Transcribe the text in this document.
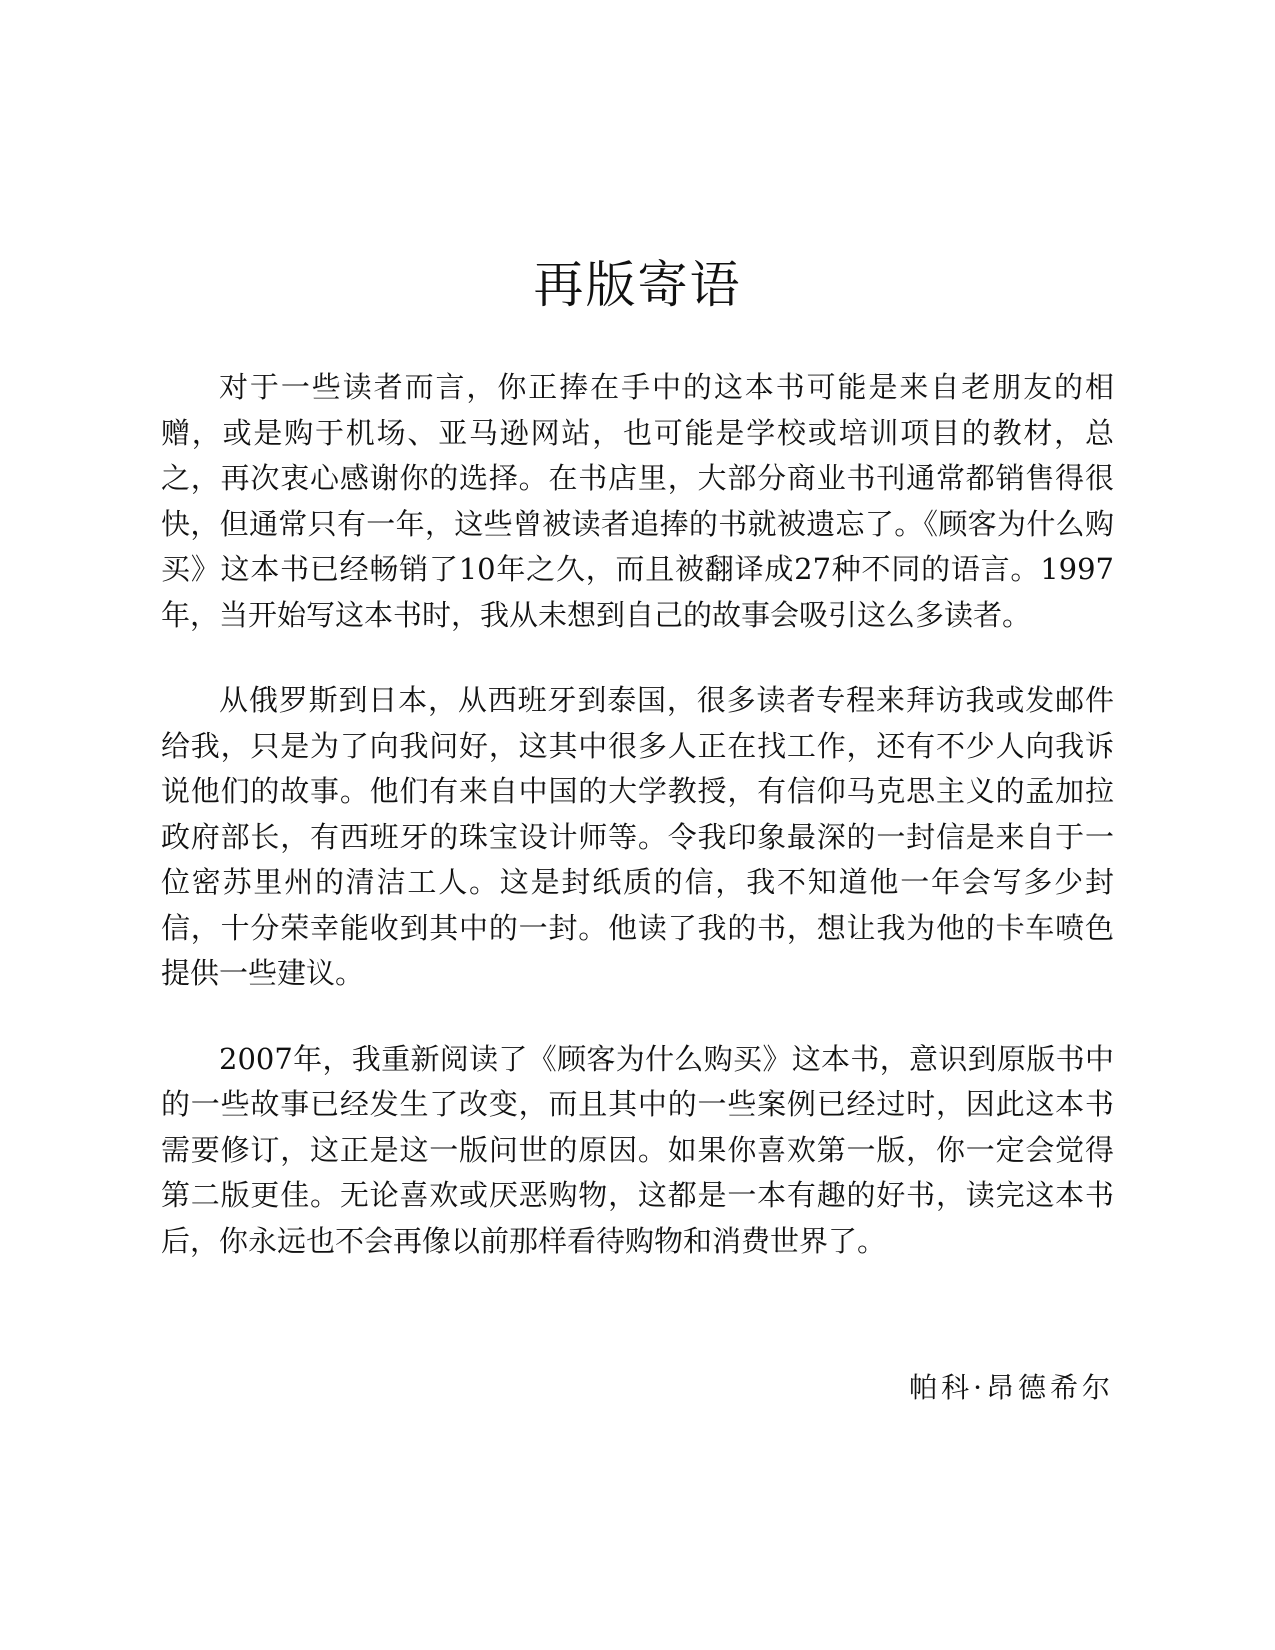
再版寄语

对于一些读者而言，你正捧在手中的这本书可能是来自老朋友的相赠，或是购于机场、亚马逊网站，也可能是学校或培训项目的教材，总之，再次衷心感谢你的选择。在书店里，大部分商业书刊通常都销售得很快，但通常只有一年，这些曾被读者追捧的书就被遗忘了。《顾客为什么购买》这本书已经畅销了10年之久，而且被翻译成27种不同的语言。1997年，当开始写这本书时，我从未想到自己的故事会吸引这么多读者。

从俄罗斯到日本，从西班牙到泰国，很多读者专程来拜访我或发邮件给我，只是为了向我问好，这其中很多人正在找工作，还有不少人向我诉说他们的故事。他们有来自中国的大学教授，有信仰马克思主义的孟加拉政府部长，有西班牙的珠宝设计师等。令我印象最深的一封信是来自于一位密苏里州的清洁工人。这是封纸质的信，我不知道他一年会写多少封信，十分荣幸能收到其中的一封。他读了我的书，想让我为他的卡车喷色提供一些建议。

2007年，我重新阅读了《顾客为什么购买》这本书，意识到原版书中的一些故事已经发生了改变，而且其中的一些案例已经过时，因此这本书需要修订，这正是这一版问世的原因。如果你喜欢第一版，你一定会觉得第二版更佳。无论喜欢或厌恶购物，这都是一本有趣的好书，读完这本书后，你永远也不会再像以前那样看待购物和消费世界了。

帕科·昂德希尔
